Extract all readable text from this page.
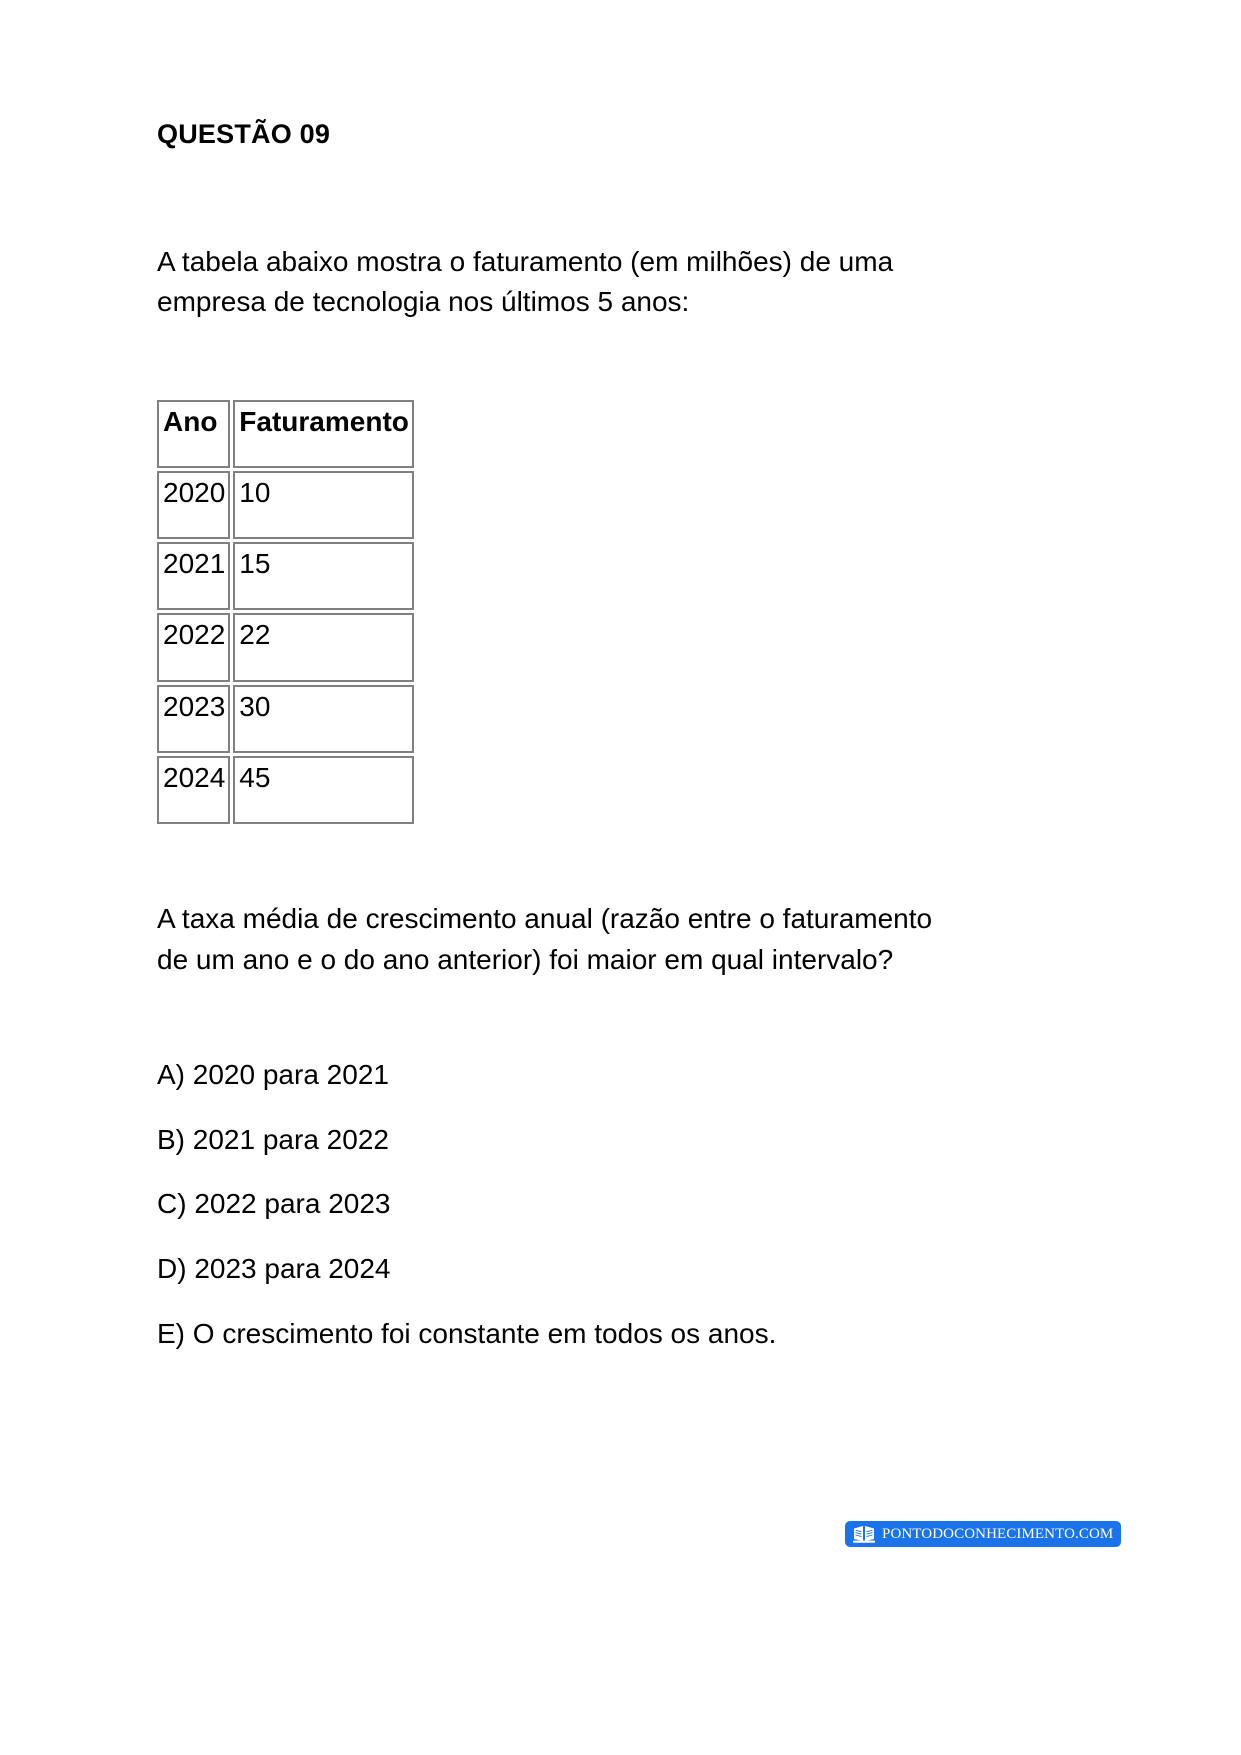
QUESTÃO 09

A tabela abaixo mostra o faturamento (em milhões) de uma empresa de tecnologia nos últimos 5 anos:

Ano	Faturamento
2020	10
2021	15
2022	22
2023	30
2024	45

A taxa média de crescimento anual (razão entre o faturamento de um ano e o do ano anterior) foi maior em qual intervalo?

A) 2020 para 2021
B) 2021 para 2022
C) 2022 para 2023
D) 2023 para 2024
E) O crescimento foi constante em todos os anos.
PONTODOCONHECIMENTO.COM
